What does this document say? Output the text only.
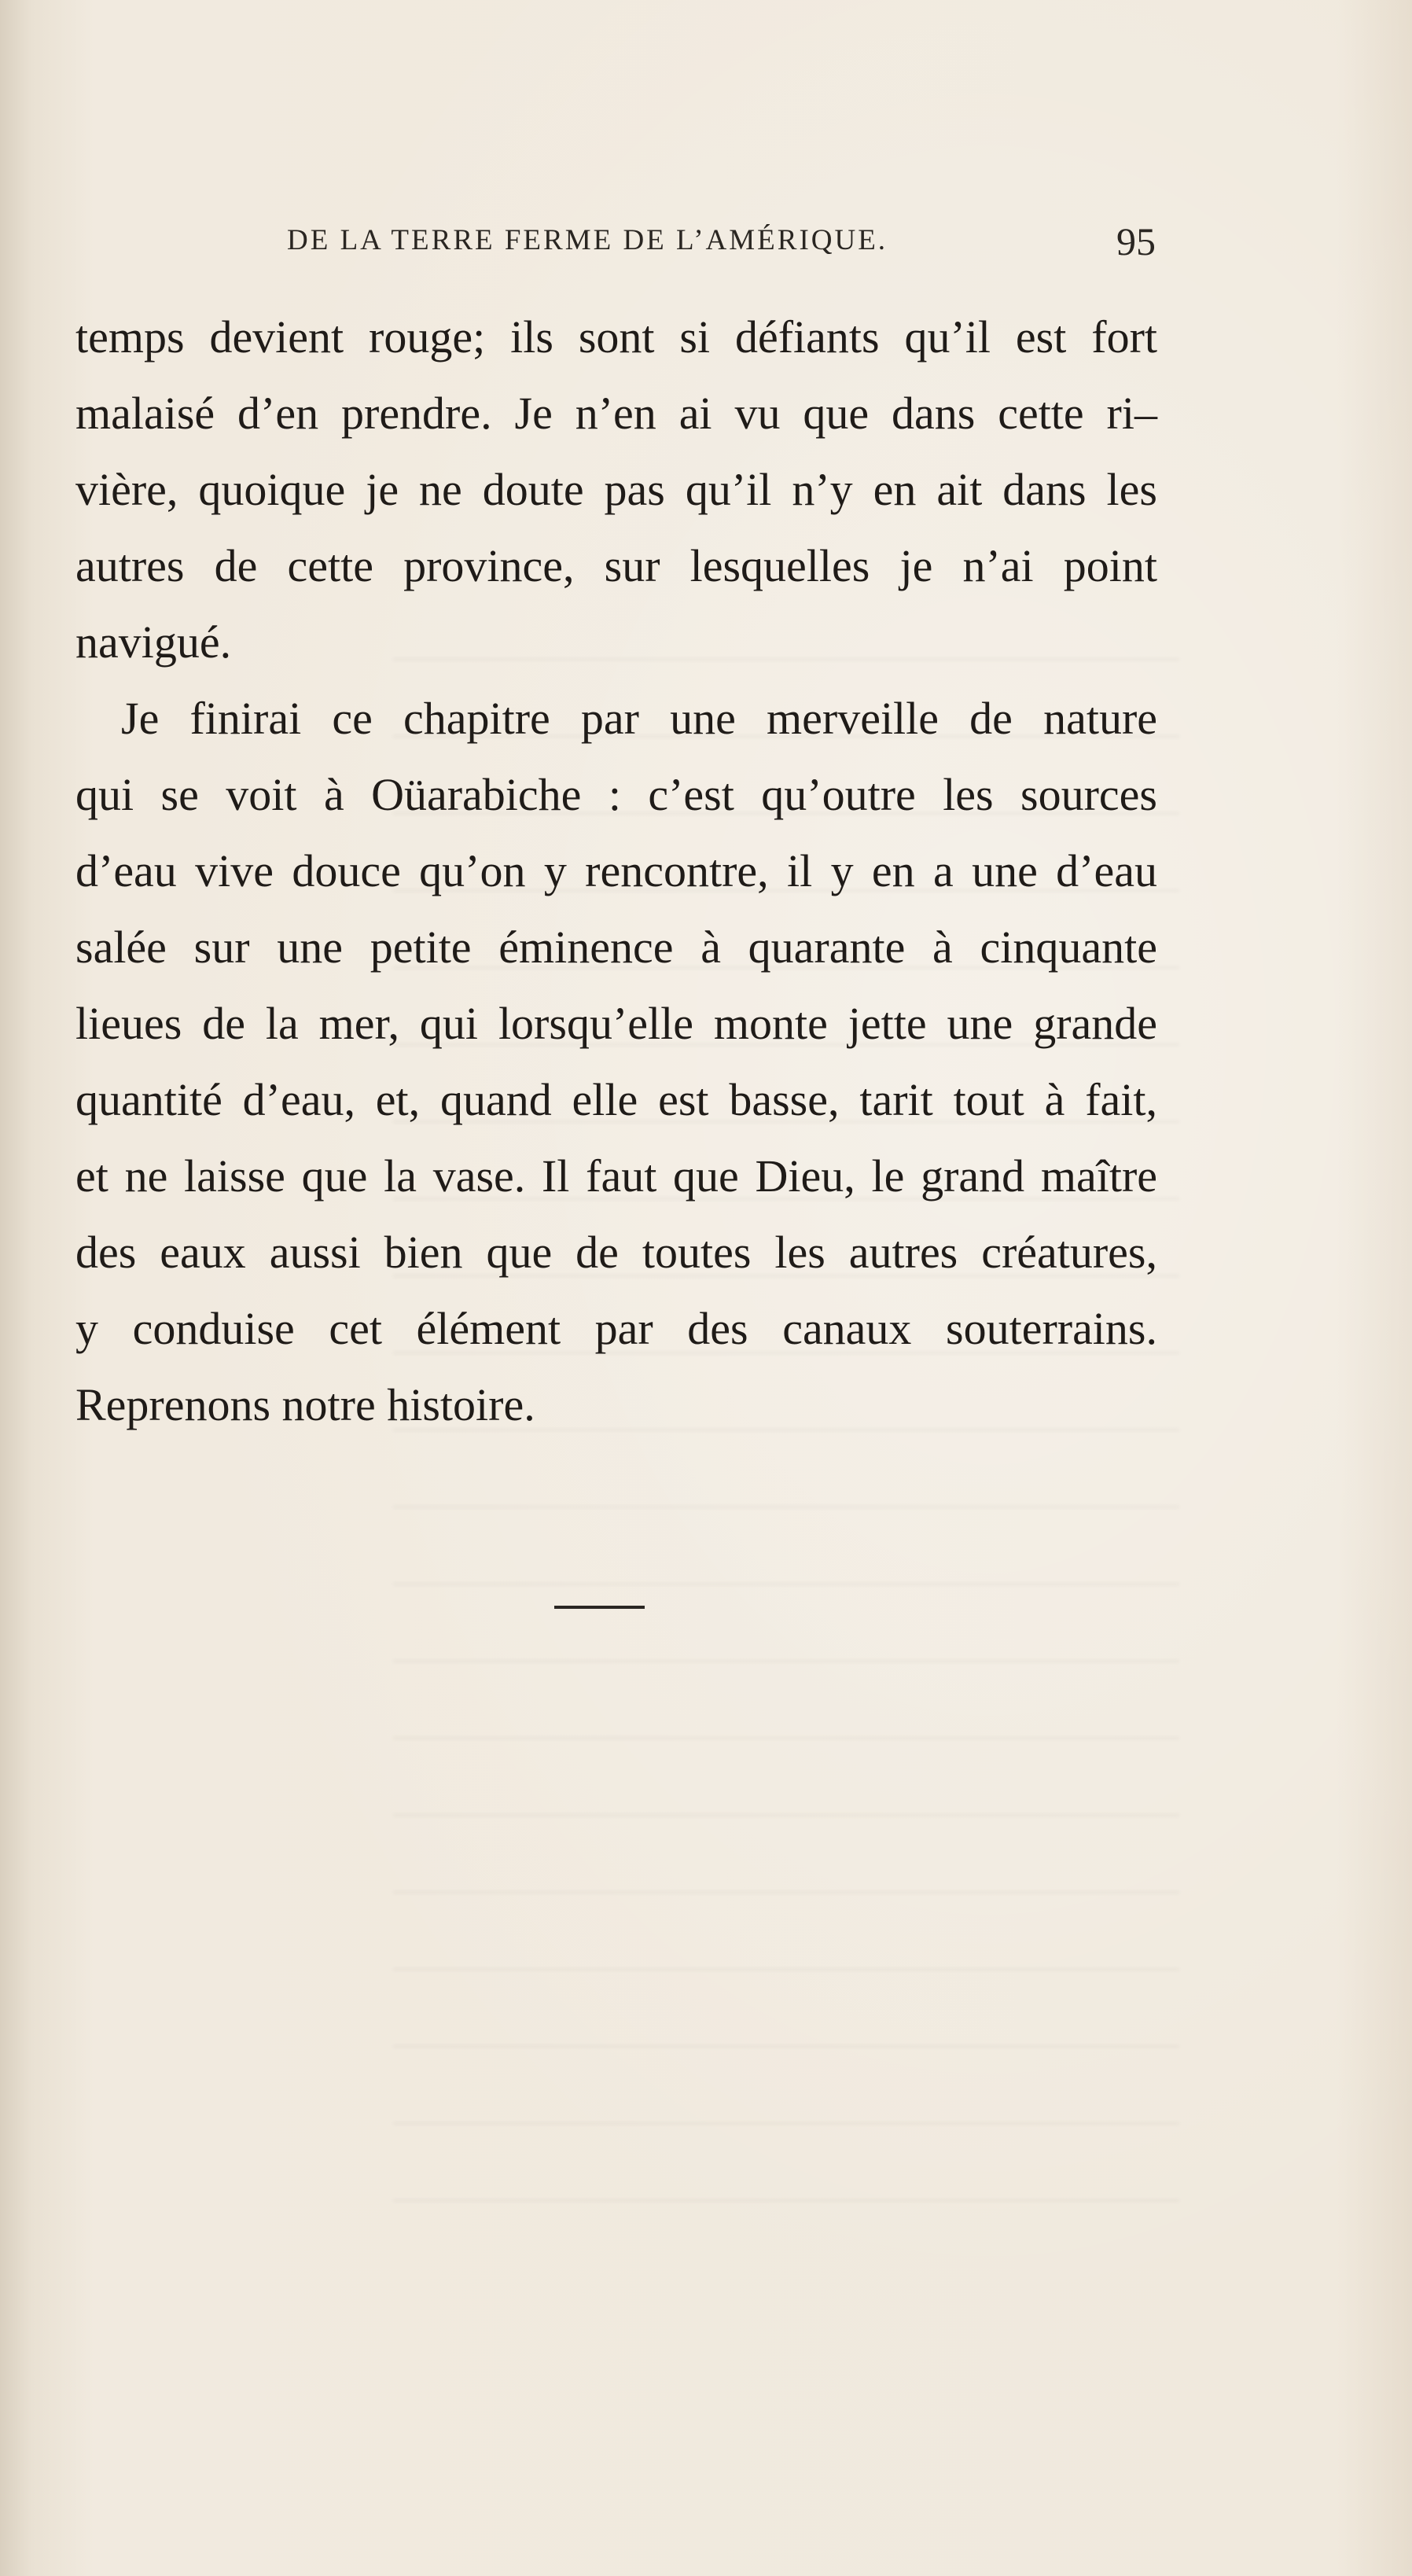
DE LA TERRE FERME DE L’AMÉRIQUE.	95
temps devient rouge; ils sont si défiants qu’il est fort
malaisé d’en prendre. Je n’en ai vu que dans cette ri–
vière, quoique je ne doute pas qu’il n’y en ait dans les
autres de cette province, sur lesquelles je n’ai point
navigué.
Je finirai ce chapitre par une merveille de nature
qui se voit à Oüarabiche : c’est qu’outre les sources
d’eau vive douce qu’on y rencontre, il y en a une d’eau
salée sur une petite éminence à quarante à cinquante
lieues de la mer, qui lorsqu’elle monte jette une grande
quantité d’eau, et, quand elle est basse, tarit tout à fait,
et ne laisse que la vase. Il faut que Dieu, le grand maître
des eaux aussi bien que de toutes les autres créatures,
y conduise cet élément par des canaux souterrains.
Reprenons notre histoire.
